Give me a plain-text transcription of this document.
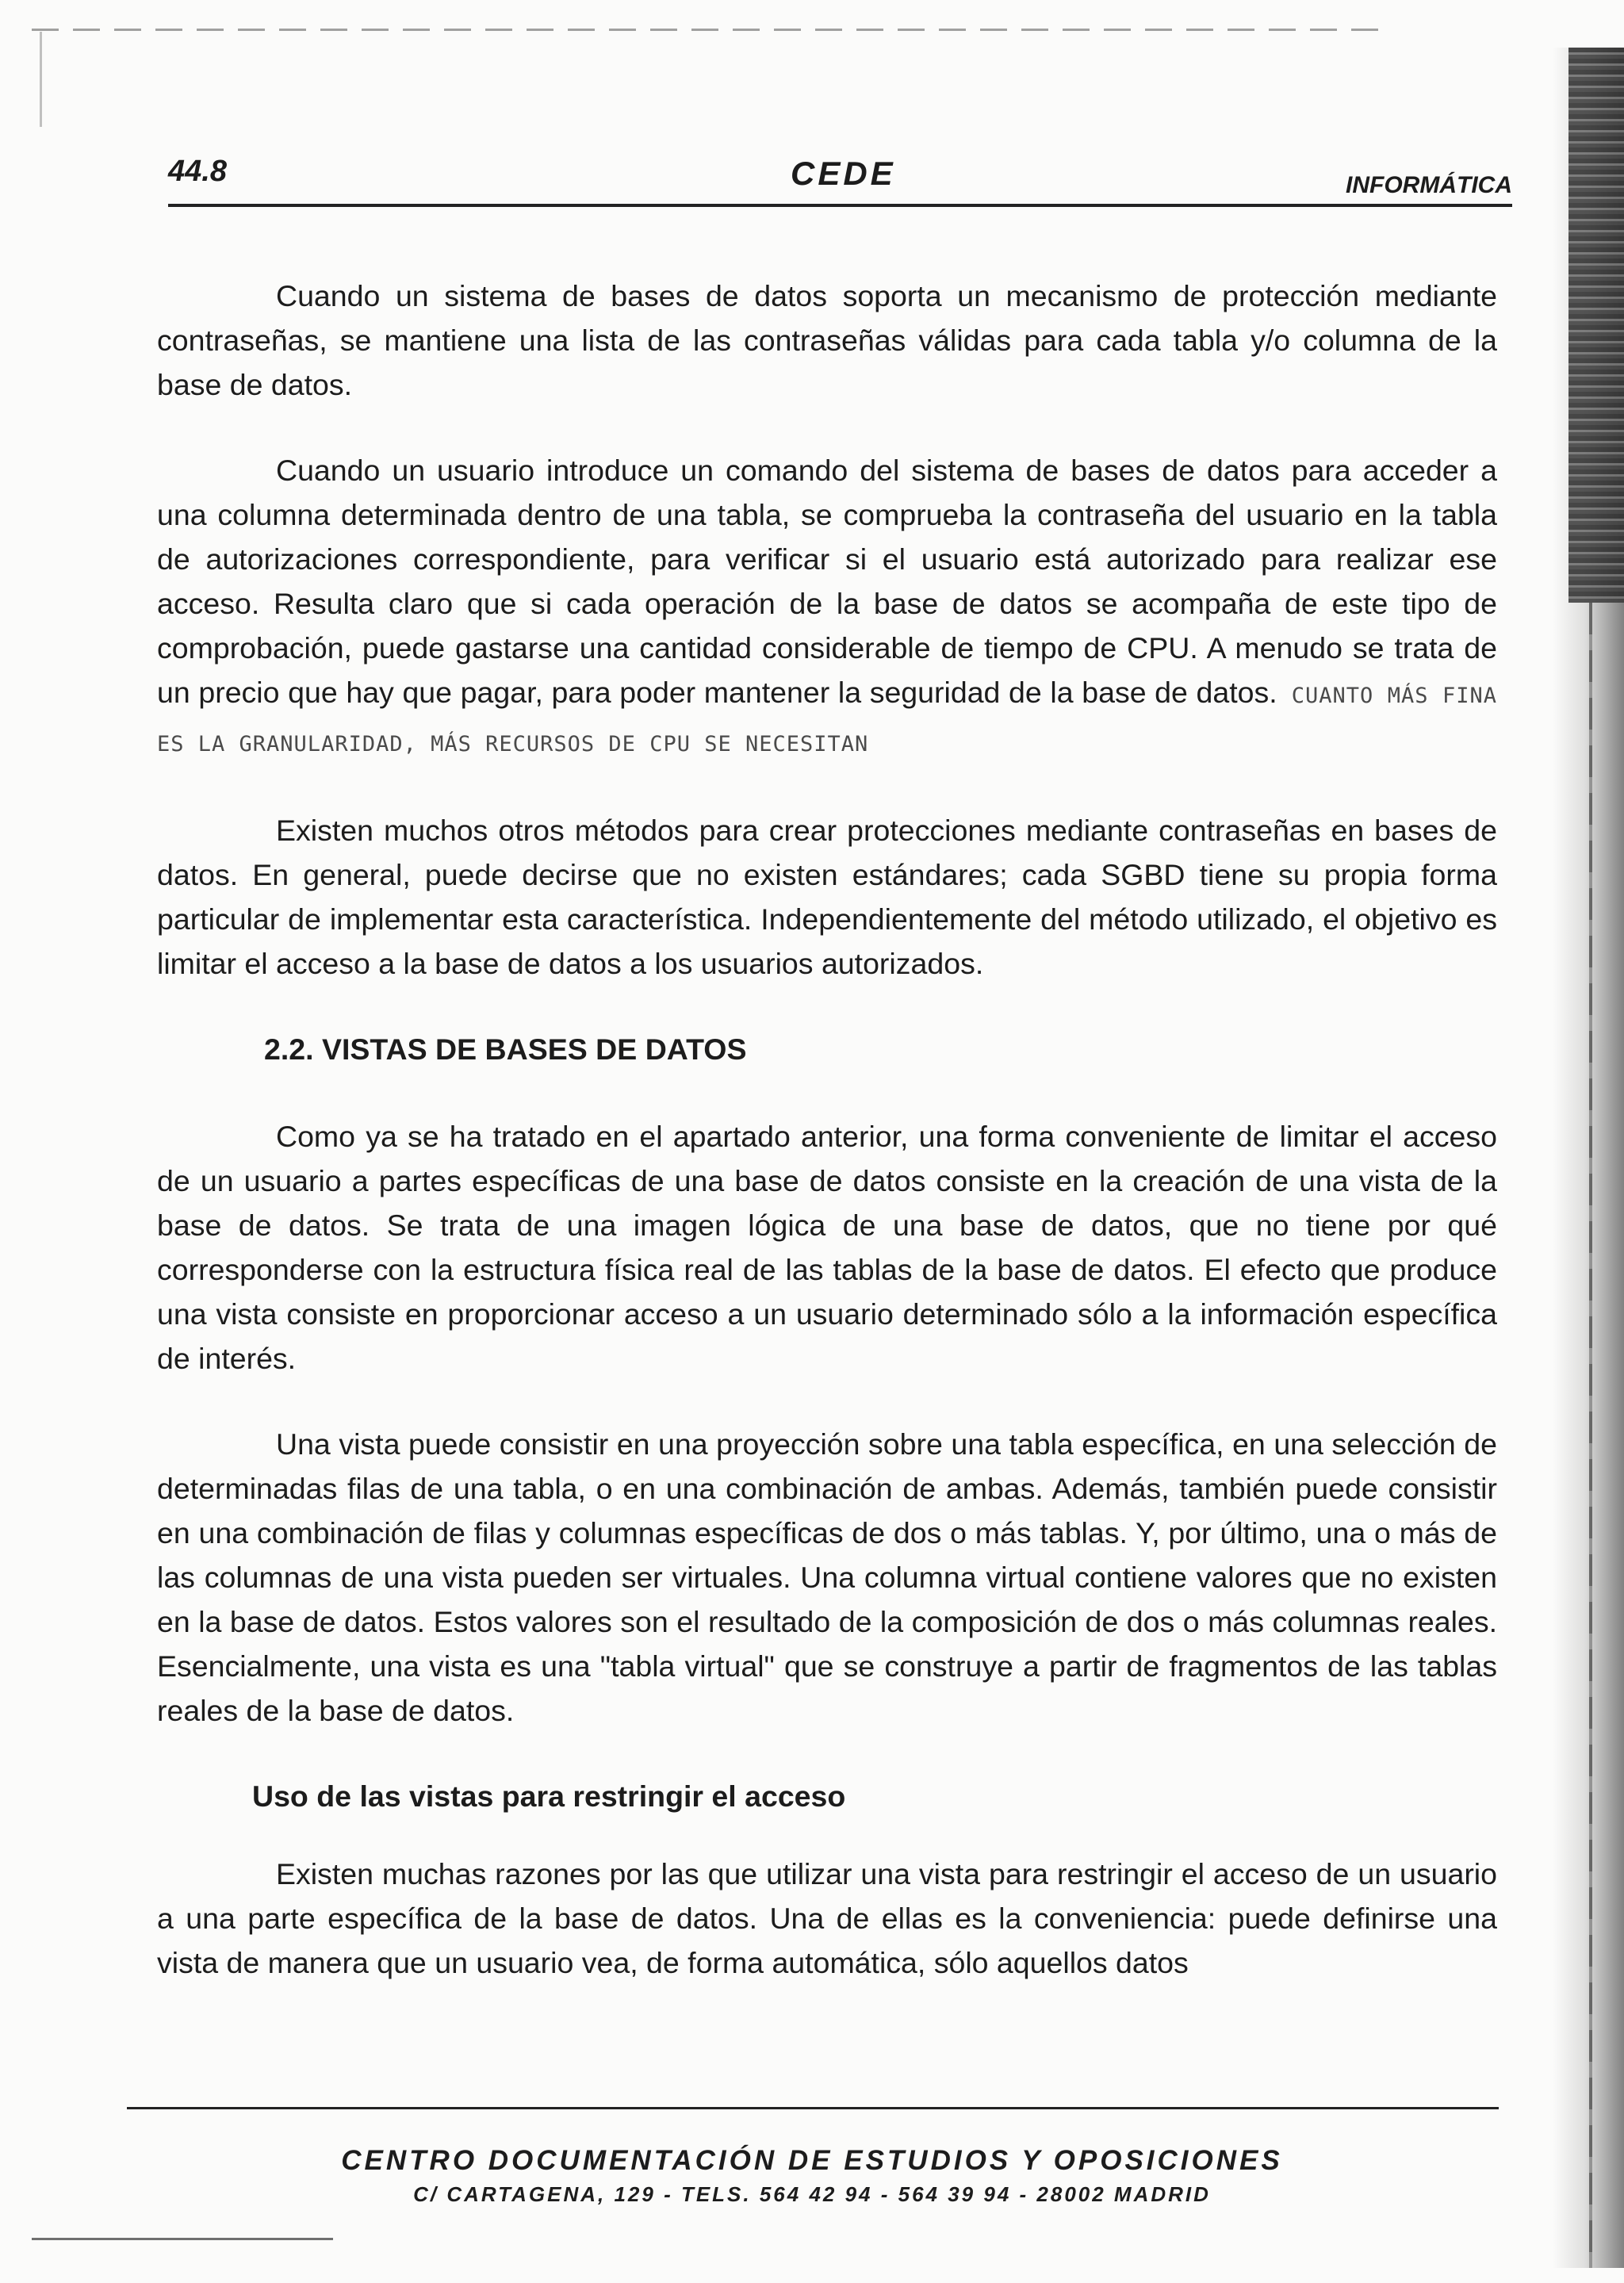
44.8	CEDE	INFORMÁTICA

Cuando un sistema de bases de datos soporta un mecanismo de protección mediante contraseñas, se mantiene una lista de las contraseñas válidas para cada tabla y/o columna de la base de datos.

Cuando un usuario introduce un comando del sistema de bases de datos para acceder a una columna determinada dentro de una tabla, se comprueba la contraseña del usuario en la tabla de autorizaciones correspondiente, para verificar si el usuario está autorizado para realizar ese acceso. Resulta claro que si cada operación de la base de datos se acompaña de este tipo de comprobación, puede gastarse una cantidad considerable de tiempo de CPU. A menudo se trata de un precio que hay que pagar, para poder mantener la seguridad de la base de datos. CUANTO MÁS FINA ES LA GRANULARIDAD, MÁS RECURSOS DE CPU SE NECESITAN

Existen muchos otros métodos para crear protecciones mediante contraseñas en bases de datos. En general, puede decirse que no existen estándares; cada SGBD tiene su propia forma particular de implementar esta característica. Independientemente del método utilizado, el objetivo es limitar el acceso a la base de datos a los usuarios autorizados.

2.2. VISTAS DE BASES DE DATOS

Como ya se ha tratado en el apartado anterior, una forma conveniente de limitar el acceso de un usuario a partes específicas de una base de datos consiste en la creación de una vista de la base de datos. Se trata de una imagen lógica de una base de datos, que no tiene por qué corresponderse con la estructura física real de las tablas de la base de datos. El efecto que produce una vista consiste en proporcionar acceso a un usuario determinado sólo a la información específica de interés.

Una vista puede consistir en una proyección sobre una tabla específica, en una selección de determinadas filas de una tabla, o en una combinación de ambas. Además, también puede consistir en una combinación de filas y columnas específicas de dos o más tablas. Y, por último, una o más de las columnas de una vista pueden ser virtuales. Una columna virtual contiene valores que no existen en la base de datos. Estos valores son el resultado de la composición de dos o más columnas reales. Esencialmente, una vista es una "tabla virtual" que se construye a partir de fragmentos de las tablas reales de la base de datos.

Uso de las vistas para restringir el acceso

Existen muchas razones por las que utilizar una vista para restringir el acceso de un usuario a una parte específica de la base de datos. Una de ellas es la conveniencia: puede definirse una vista de manera que un usuario vea, de forma automática, sólo aquellos datos

CENTRO DOCUMENTACIÓN DE ESTUDIOS Y OPOSICIONES
C/ CARTAGENA, 129 - TELS. 564 42 94 - 564 39 94 - 28002 MADRID
